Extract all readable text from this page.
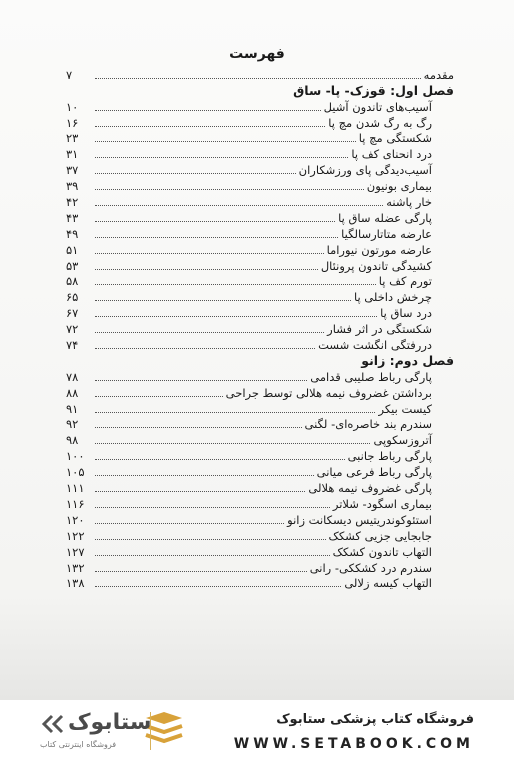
فهرست
مقدمه
۷
فصل اول: قوزک- پا- ساق
آسیب‌های تاندون آشیل
۱۰
رگ به رگ شدن مچ پا
۱۶
شکستگی مچ پا
۲۳
درد انحنای کف پا
۳۱
آسیب‌دیدگی پای ورزشکاران
۳۷
بیماری بونیون
۳۹
خار پاشنه
۴۲
پارگی عضله ساق پا
۴۳
عارضه متاتارسالگیا
۴۹
عارضه مورتون نیوراما
۵۱
کشیدگی تاندون پرونئال
۵۳
تورم کف پا
۵۸
چرخش داخلی پا
۶۵
درد ساق پا
۶۷
شکستگی در اثر فشار
۷۲
دررفتگی انگشت شست
۷۴
فصل دوم: زانو
پارگی رباط صلیبی قدامی
۷۸
برداشتن غضروف نیمه هلالی توسط جراحی
۸۸
کیست بیکر
۹۱
سندرم بند خاصره‌ای- لگنی
۹۲
آتروزسکوپی
۹۸
پارگی رباط جانبی
۱۰۰
پارگی رباط فرعی میانی
۱۰۵
پارگی غضروف نیمه هلالی
۱۱۱
بیماری اسگود- شلاتر
۱۱۶
استئوکوندریتیس دیسکانت زانو
۱۲۰
جابجایی جزیی کشکک
۱۲۲
التهاب تاندون کشکک
۱۲۷
سندرم درد کشککی- رانی
۱۳۲
التهاب کیسه زلالی
۱۳۸
فروشگاه کتاب پزشکی ستابوک
WWW.SETABOOK.COM
ستابوک
فروشگاه اینترنتی کتاب
